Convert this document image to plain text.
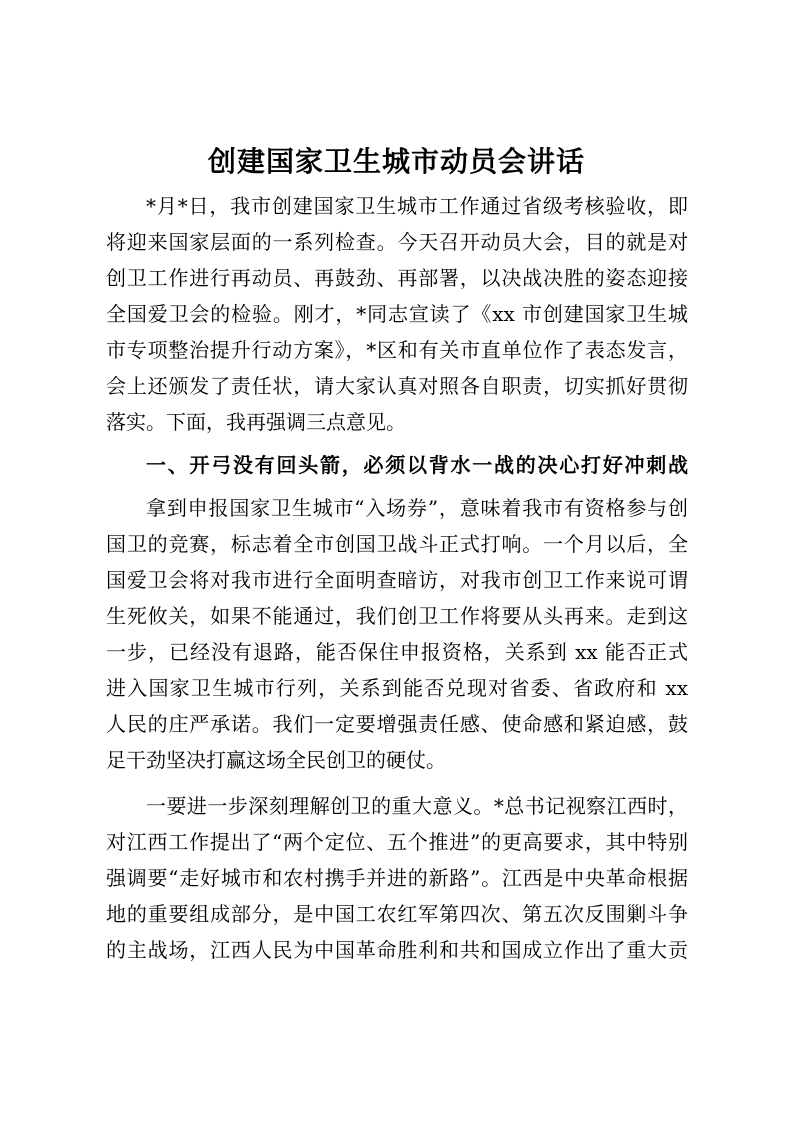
创建国家卫生城市动员会讲话
*月*日，我市创建国家卫生城市工作通过省级考核验收，即
将迎来国家层面的一系列检查。今天召开动员大会，目的就是对
创卫工作进行再动员、再鼓劲、再部署，以决战决胜的姿态迎接
全国爱卫会的检验。刚才，*同志宣读了《xx 市创建国家卫生城
市专项整治提升行动方案》，*区和有关市直单位作了表态发言，
会上还颁发了责任状，请大家认真对照各自职责，切实抓好贯彻
落实。下面，我再强调三点意见。
一、开弓没有回头箭，必须以背水一战的决心打好冲刺战
拿到申报国家卫生城市“入场券”，意味着我市有资格参与创
国卫的竞赛，标志着全市创国卫战斗正式打响。一个月以后，全
国爱卫会将对我市进行全面明查暗访，对我市创卫工作来说可谓
生死攸关，如果不能通过，我们创卫工作将要从头再来。走到这
一步，已经没有退路，能否保住申报资格，关系到 xx 能否正式
进入国家卫生城市行列，关系到能否兑现对省委、省政府和 xx
人民的庄严承诺。我们一定要增强责任感、使命感和紧迫感，鼓
足干劲坚决打赢这场全民创卫的硬仗。
一要进一步深刻理解创卫的重大意义。*总书记视察江西时，
对江西工作提出了“两个定位、五个推进”的更高要求，其中特别
强调要“走好城市和农村携手并进的新路”。江西是中央革命根据
地的重要组成部分，是中国工农红军第四次、第五次反围剿斗争
的主战场，江西人民为中国革命胜利和共和国成立作出了重大贡
